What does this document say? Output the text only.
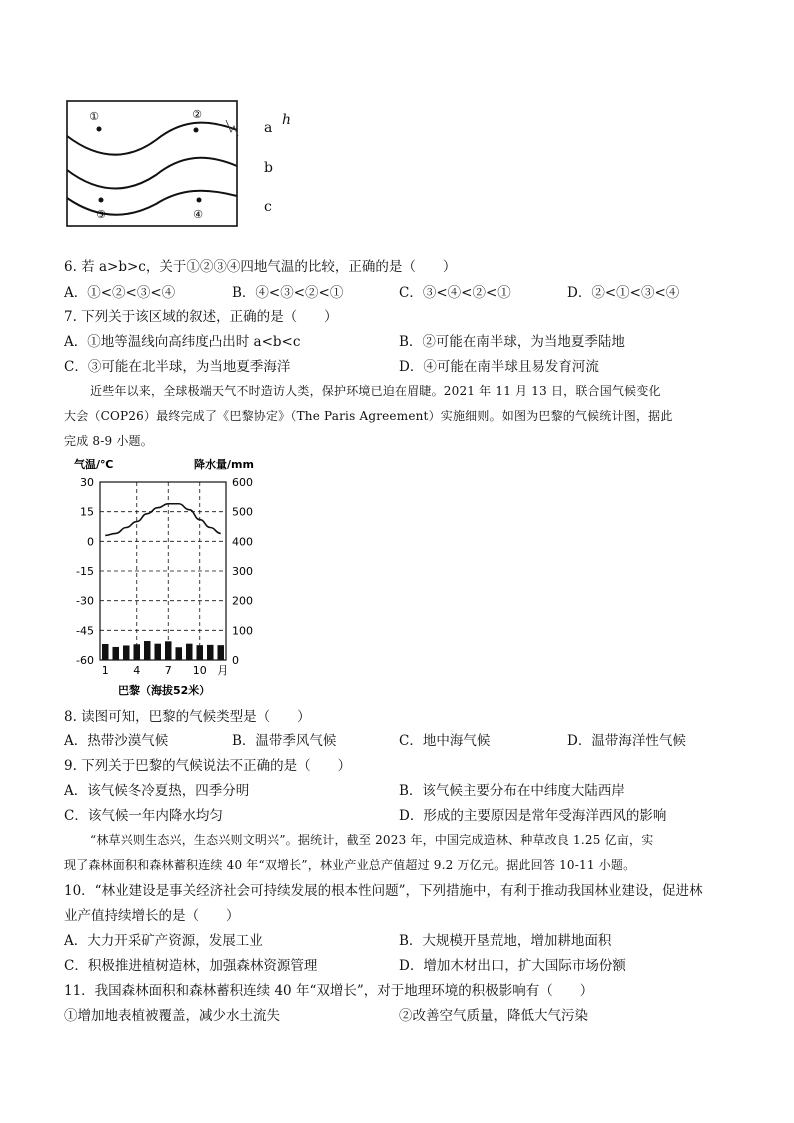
①	②
③	④
h
a
b
c
6. 若 a>b>c，关于①②③④四地气温的比较，正确的是（　　）
A．①<②<③<④	B．④<③<②<①	C．③<④<②<①	D．②<①<③<④
7. 下列关于该区域的叙述，正确的是（　　）
A．①地等温线向高纬度凸出时 a<b<c	B．②可能在南半球，为当地夏季陆地
C．③可能在北半球，为当地夏季海洋	D．④可能在南半球且易发育河流
近些年以来，全球极端天气不时造访人类，保护环境已迫在眉睫。2021 年 11 月 13 日，联合国气候变化
大会（COP26）最终完成了《巴黎协定》（The Paris Agreement）实施细则。如图为巴黎的气候统计图，据此
完成 8-9 小题。
气温/℃	降水量/mm
30
15
0
-15
-30
-45
-60
600
500
400
300
200
100
0
1 4 7 10 月
巴黎（海拔52米）
8. 读图可知，巴黎的气候类型是（　　）
A．热带沙漠气候	B．温带季风气候	C．地中海气候	D．温带海洋性气候
9. 下列关于巴黎的气候说法不正确的是（　　）
A．该气候冬冷夏热，四季分明	B．该气候主要分布在中纬度大陆西岸
C．该气候一年内降水均匀	D．形成的主要原因是常年受海洋西风的影响
“林草兴则生态兴，生态兴则文明兴”。据统计，截至 2023 年，中国完成造林、种草改良 1.25 亿亩，实
现了森林面积和森林蓄积连续 40 年“双增长”，林业产业总产值超过 9.2 万亿元。据此回答 10-11 小题。
10．“林业建设是事关经济社会可持续发展的根本性问题”，下列措施中，有利于推动我国林业建设，促进林
业产值持续增长的是（　　）
A．大力开采矿产资源，发展工业	B．大规模开垦荒地，增加耕地面积
C．积极推进植树造林，加强森林资源管理	D．增加木材出口，扩大国际市场份额
11．我国森林面积和森林蓄积连续 40 年“双增长”，对于地理环境的积极影响有（　　）
①增加地表植被覆盖，减少水土流失	②改善空气质量，降低大气污染
